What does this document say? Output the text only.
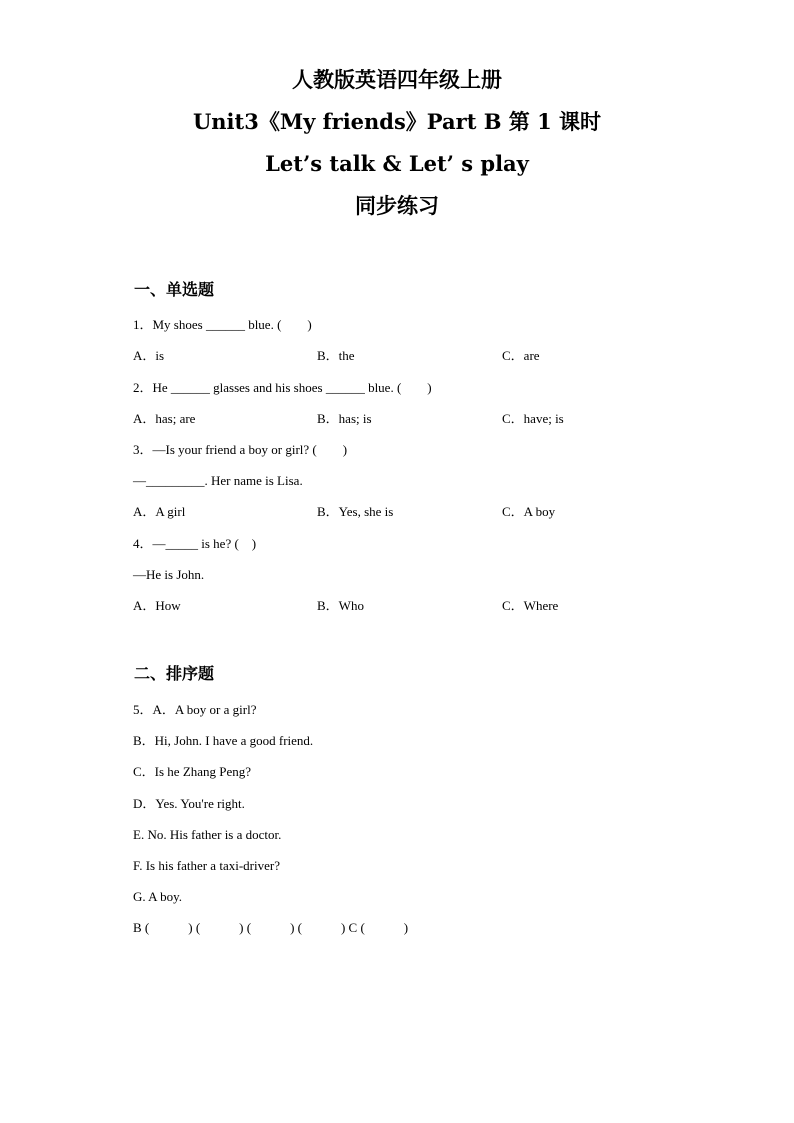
人教版英语四年级上册
Unit3《My friends》Part B 第 1 课时
Let’s talk & Let’ s play
同步练习
一、单选题
1．My shoes ______ blue. (　　)
A．is	B．the	C．are
2．He ______ glasses and his shoes ______ blue. (　　)
A．has; are	B．has; is	C．have; is
3．—Is your friend a boy or girl? (　　)
—_________. Her name is Lisa.
A．A girl	B．Yes, she is	C．A boy
4．—_____ is he? (　)
—He is John.
A．How	B．Who	C．Where
二、排序题
5．A．A boy or a girl?
B．Hi, John. I have a good friend.
C．Is he Zhang Peng?
D．Yes. You're right.
E. No. His father is a doctor.
F. Is his father a taxi-driver?
G. A boy.
B (　　　) (　　　) (　　　) (　　　) C (　　　)
